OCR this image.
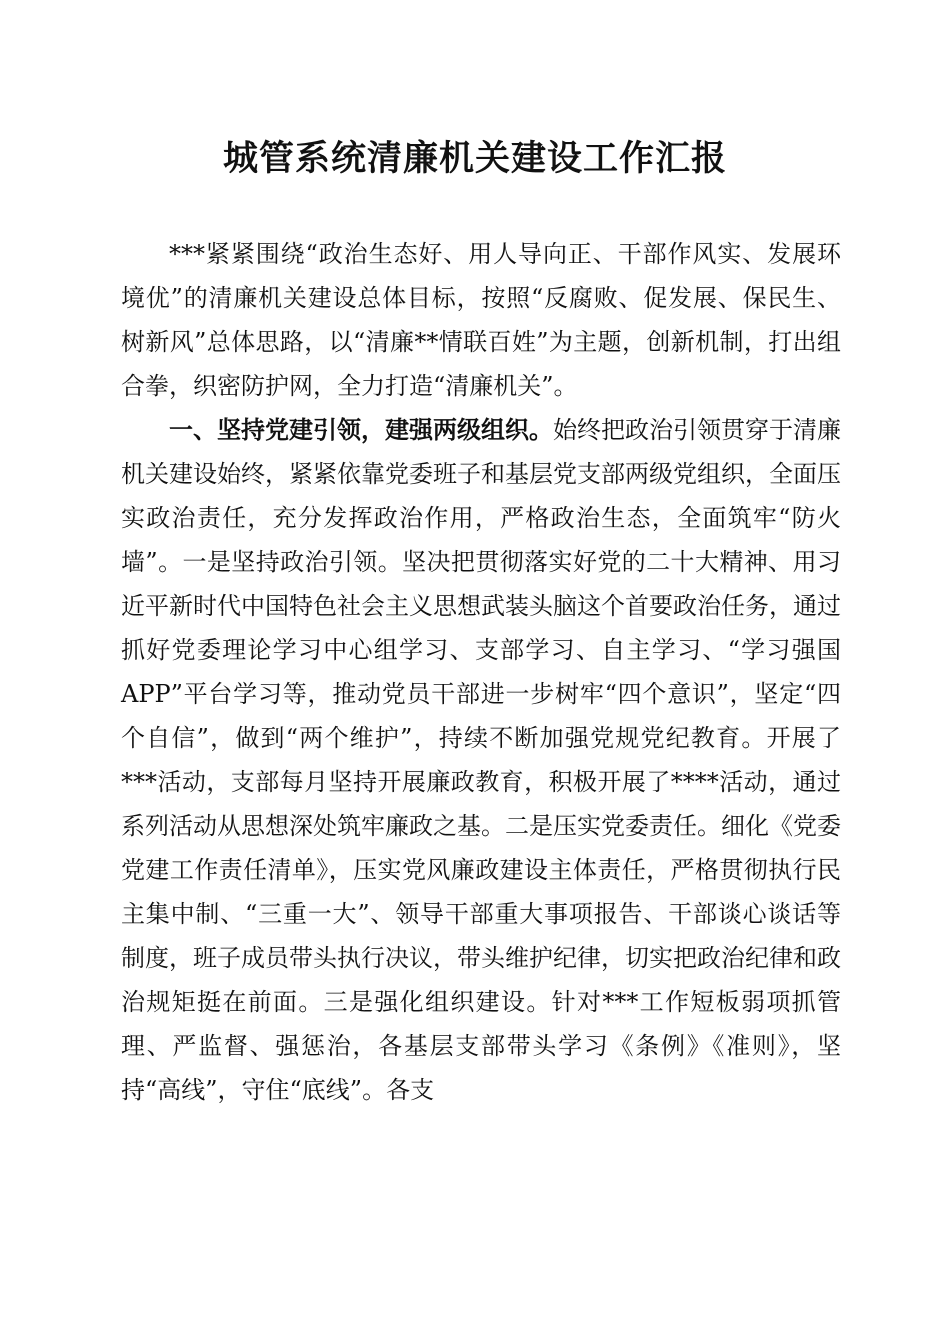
城管系统清廉机关建设工作汇报

***紧紧围绕“政治生态好、用人导向正、干部作风实、发展环境优”的清廉机关建设总体目标，按照“反腐败、促发展、保民生、树新风”总体思路，以“清廉**情联百姓”为主题，创新机制，打出组合拳，织密防护网，全力打造“清廉机关”。

一、坚持党建引领，建强两级组织。始终把政治引领贯穿于清廉机关建设始终，紧紧依靠党委班子和基层党支部两级党组织，全面压实政治责任，充分发挥政治作用，严格政治生态，全面筑牢“防火墙”。一是坚持政治引领。坚决把贯彻落实好党的二十大精神、用习近平新时代中国特色社会主义思想武装头脑这个首要政治任务，通过抓好党委理论学习中心组学习、支部学习、自主学习、“学习强国APP”平台学习等，推动党员干部进一步树牢“四个意识”，坚定“四个自信”，做到“两个维护”，持续不断加强党规党纪教育。开展了***活动，支部每月坚持开展廉政教育，积极开展了****活动，通过系列活动从思想深处筑牢廉政之基。二是压实党委责任。细化《党委党建工作责任清单》，压实党风廉政建设主体责任，严格贯彻执行民主集中制、“三重一大”、领导干部重大事项报告、干部谈心谈话等制度，班子成员带头执行决议，带头维护纪律，切实把政治纪律和政治规矩挺在前面。三是强化组织建设。针对***工作短板弱项抓管理、严监督、强惩治，各基层支部带头学习《条例》《准则》，坚持“高线”，守住“底线”。各支
